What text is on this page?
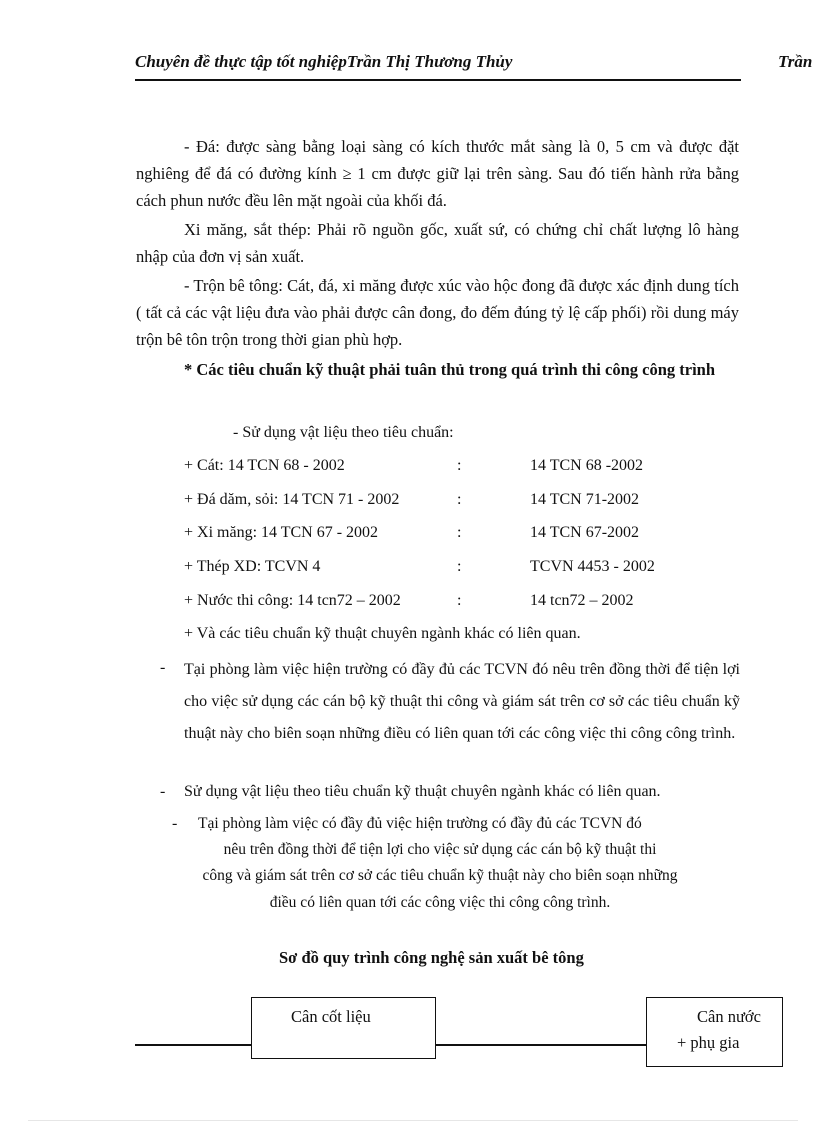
Chuyên đề thực tập tốt nghiệpTrần Thị Thương Thủy	Trần
- Đá: được sàng bằng loại sàng có kích thước mắt sàng là 0, 5 cm và được đặt nghiêng để đá có đường kính ≥ 1 cm được giữ lại trên sàng. Sau đó tiến hành rửa bằng cách phun nước đều lên mặt ngoài của khối đá.
Xi măng, sắt thép: Phải rõ nguồn gốc, xuất sứ, có chứng chỉ chất lượng lô hàng nhập của đơn vị sản xuất.
- Trộn bê tông: Cát, đá, xi măng được xúc vào hộc đong đã được xác định dung tích ( tất cả các vật liệu đưa vào phải được cân đong, đo đếm đúng tỷ lệ cấp phối) rồi dung máy trộn bê tôn trộn trong thời gian phù hợp.
* Các tiêu chuẩn kỹ thuật phải tuân thủ trong quá trình thi công công trình
- Sử dụng vật liệu theo tiêu chuẩn:
+ Cát: 14 TCN 68 - 2002	:	14 TCN 68 -2002
+ Đá dăm, sỏi: 14 TCN 71 - 2002	:	14 TCN 71-2002
+ Xi măng: 14 TCN 67 - 2002	:	14 TCN 67-2002
+ Thép XD: TCVN 4	:	TCVN 4453 - 2002
+ Nước thi công: 14 tcn72 – 2002	:	14 tcn72 – 2002
+ Và các tiêu chuẩn kỹ thuật chuyên ngành khác có liên quan.
- Tại phòng làm việc hiện trường có đầy đủ các TCVN đó nêu trên đồng thời để tiện lợi cho việc sử dụng các cán bộ kỹ thuật thi công và giám sát trên cơ sở các tiêu chuẩn kỹ thuật này cho biên soạn những điều có liên quan tới các công việc thi công công trình.
- Sử dụng vật liệu theo tiêu chuẩn kỹ thuật chuyên ngành khác có liên quan.
- Tại phòng làm việc có đầy đủ việc hiện trường có đầy đủ các TCVN đó
nêu trên đồng thời để tiện lợi cho việc sử dụng các cán bộ kỹ thuật thi
công và giám sát trên cơ sở các tiêu chuẩn kỹ thuật này cho biên soạn những
điều có liên quan tới các công việc thi công công trình.
Sơ đồ quy trình công nghệ sản xuất bê tông
Cân cốt liệu	Cân nước
+ phụ gia
